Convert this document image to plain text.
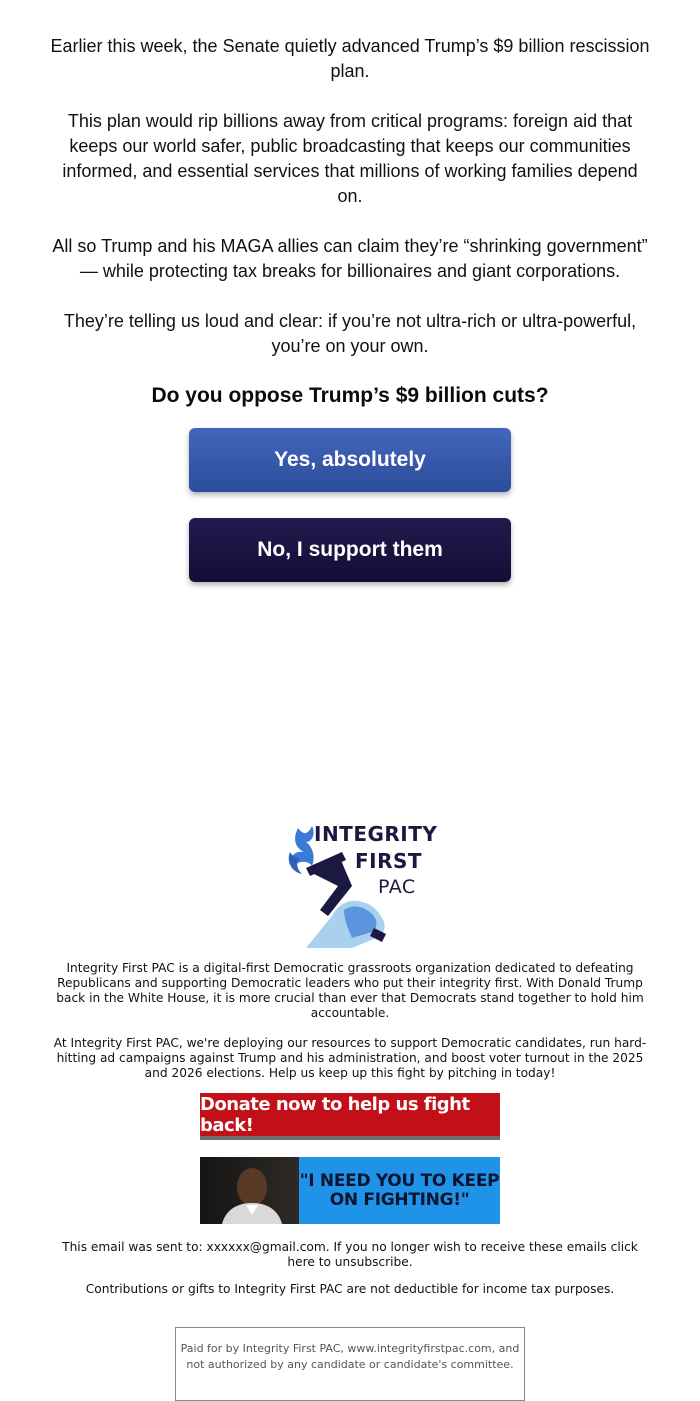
Earlier this week, the Senate quietly advanced Trump’s $9 billion rescission plan.

This plan would rip billions away from critical programs: foreign aid that keeps our world safer, public broadcasting that keeps our communities informed, and essential services that millions of working families depend on.

All so Trump and his MAGA allies can claim they’re “shrinking government” — while protecting tax breaks for billionaires and giant corporations.

They’re telling us loud and clear: if you’re not ultra-rich or ultra-powerful, you’re on your own.

Do you oppose Trump’s $9 billion cuts?
Yes, absolutely
No, I support them
INTEGRITY
FIRST
PAC
Integrity First PAC is a digital-first Democratic grassroots organization dedicated to defeating Republicans and supporting Democratic leaders who put their integrity first. With Donald Trump back in the White House, it is more crucial than ever that Democrats stand together to hold him accountable.
At Integrity First PAC, we're deploying our resources to support Democratic candidates, run hard-hitting ad campaigns against Trump and his administration, and boost voter turnout in the 2025 and 2026 elections. Help us keep up this fight by pitching in today!
Donate now to help us fight back!
"I NEED YOU TO KEEP ON FIGHTING!"
This email was sent to: xxxxxx@gmail.com. If you no longer wish to receive these emails click here to unsubscribe.
Contributions or gifts to Integrity First PAC are not deductible for income tax purposes.
Paid for by Integrity First PAC, www.integrityfirstpac.com, and not authorized by any candidate or candidate's committee.
